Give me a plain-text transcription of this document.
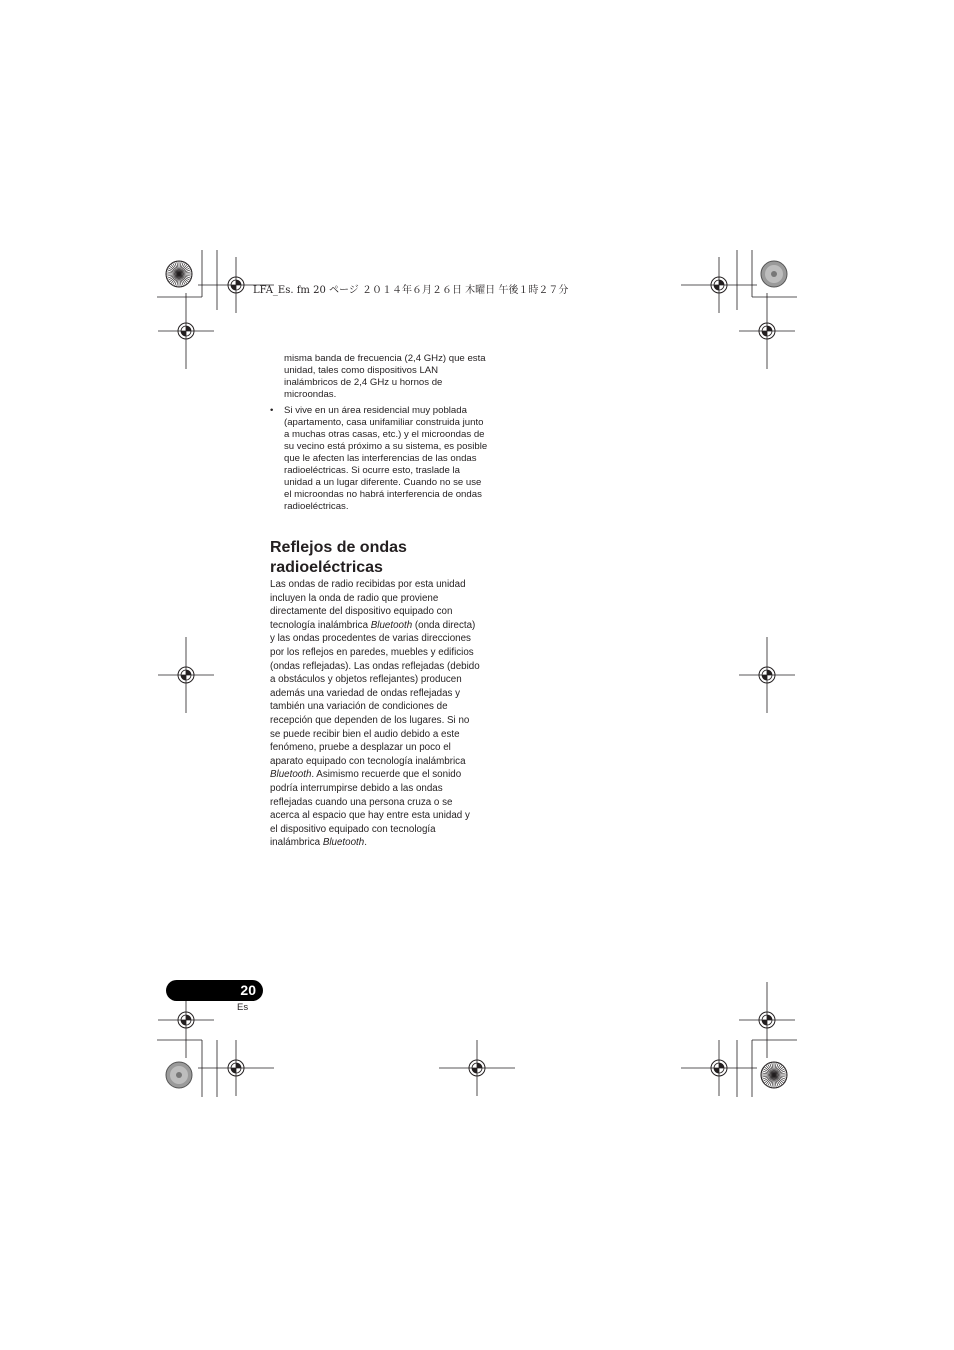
LFA_Es. fm 20 ページ ２０１４年６月２６日 木曜日 午後１時２７分

misma banda de frecuencia (2,4 GHz) que esta unidad, tales como dispositivos LAN inalámbricos de 2,4 GHz u hornos de microondas.

• Si vive en un área residencial muy poblada (apartamento, casa unifamiliar construida junto a muchas otras casas, etc.) y el microondas de su vecino está próximo a su sistema, es posible que le afecten las interferencias de las ondas radioeléctricas. Si ocurre esto, traslade la unidad a un lugar diferente. Cuando no se use el microondas no habrá interferencia de ondas radioeléctricas.
Reflejos de ondas
radioeléctricas

Las ondas de radio recibidas por esta unidad incluyen la onda de radio que proviene directamente del dispositivo equipado con tecnología inalámbrica Bluetooth (onda directa) y las ondas procedentes de varias direcciones por los reflejos en paredes, muebles y edificios (ondas reflejadas). Las ondas reflejadas (debido a obstáculos y objetos reflejantes) producen además una variedad de ondas reflejadas y también una variación de condiciones de recepción que dependen de los lugares. Si no se puede recibir bien el audio debido a este fenómeno, pruebe a desplazar un poco el aparato equipado con tecnología inalámbrica Bluetooth. Asimismo recuerde que el sonido podría interrumpirse debido a las ondas reflejadas cuando una persona cruza o se acerca al espacio que hay entre esta unidad y el dispositivo equipado con tecnología inalámbrica Bluetooth.

20
Es
